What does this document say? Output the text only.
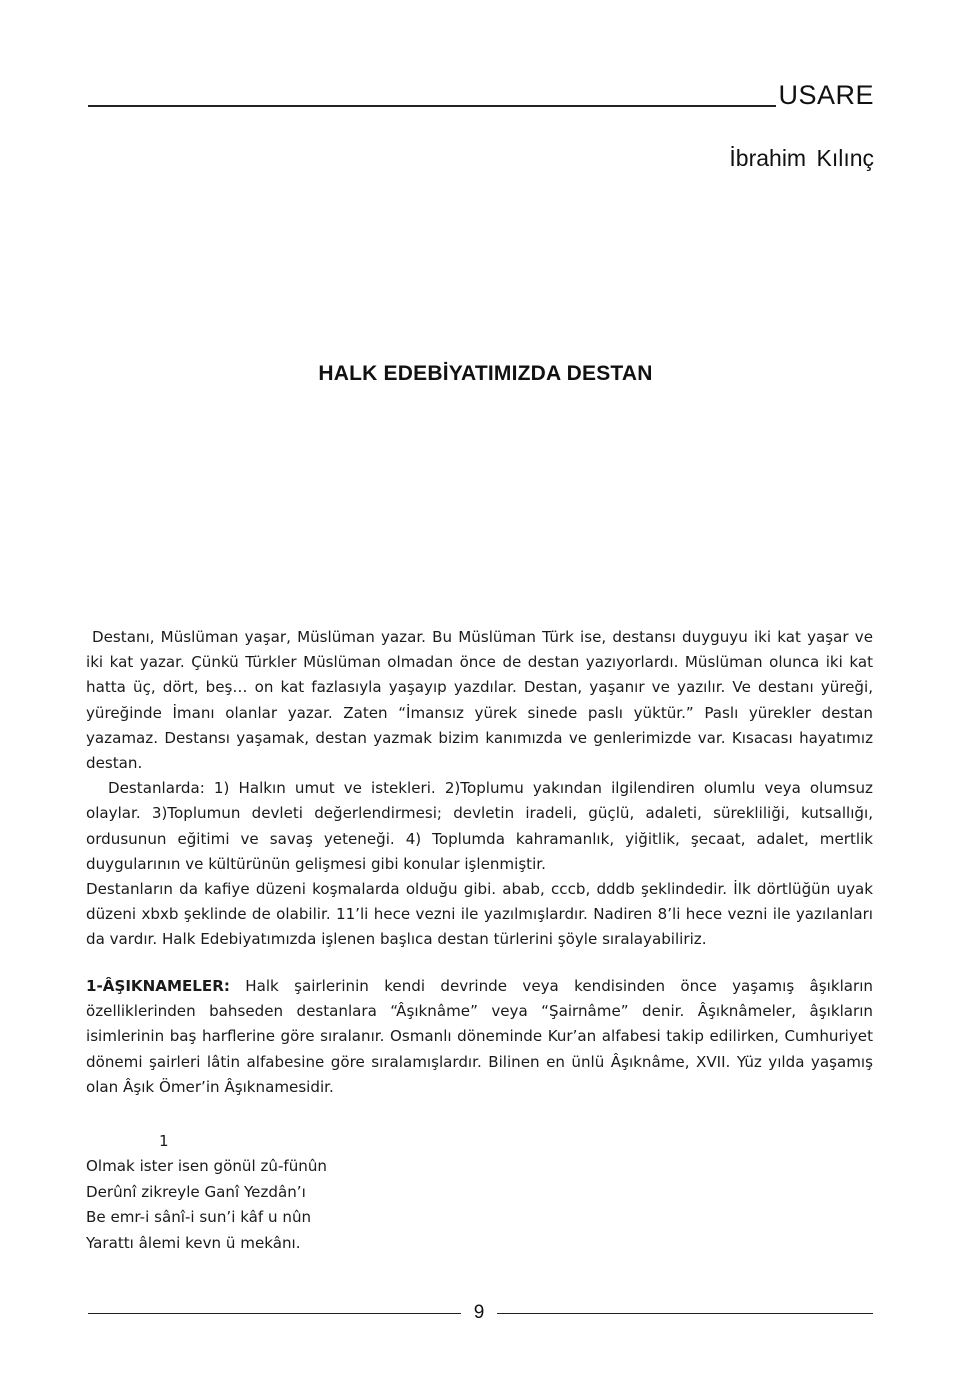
USARE
İbrahim Kılınç
HALK EDEBİYATIMIZDA DESTAN

Destanı, Müslüman yaşar, Müslüman yazar. Bu Müslüman Türk ise, destansı duyguyu iki kat yaşar ve iki kat yazar. Çünkü Türkler Müslüman olmadan önce de destan yazıyorlardı. Müslüman olunca iki kat hatta üç, dört, beş… on kat fazlasıyla yaşayıp yazdılar. Destan, yaşanır ve yazılır. Ve destanı yüreği, yüreğinde İmanı olanlar yazar. Zaten “İmansız yürek sinede paslı yüktür.” Paslı yürekler destan yazamaz. Destansı yaşamak, destan yazmak bizim kanımızda ve genlerimizde var. Kısacası hayatımız destan.

Destanlarda: 1) Halkın umut ve istekleri. 2)Toplumu yakından ilgilendiren olumlu veya olumsuz olaylar. 3)Toplumun devleti değerlendirmesi; devletin iradeli, güçlü, adaleti, sürekliliği, kutsallığı, ordusunun eğitimi ve savaş yeteneği. 4) Toplumda kahramanlık, yiğitlik, şecaat, adalet, mertlik duygularının ve kültürünün gelişmesi gibi konular işlenmiştir.

Destanların da kafiye düzeni koşmalarda olduğu gibi. abab, cccb, dddb şeklindedir. İlk dörtlüğün uyak düzeni xbxb şeklinde de olabilir. 11’li hece vezni ile yazılmışlardır. Nadiren 8’li hece vezni ile yazılanları da vardır. Halk Edebiyatımızda işlenen başlıca destan türlerini şöyle sıralayabiliriz.

1-ÂŞIKNAMELER: Halk şairlerinin kendi devrinde veya kendisinden önce yaşamış âşıkların özelliklerinden bahseden destanlara “Âşıknâme” veya “Şairnâme” denir. Âşıknâmeler, âşıkların isimlerinin baş harflerine göre sıralanır. Osmanlı döneminde Kur’an alfabesi takip edilirken, Cumhuriyet dönemi şairleri lâtin alfabesine göre sıralamışlardır. Bilinen en ünlü Âşıknâme, XVII. Yüz yılda yaşamış olan Âşık Ömer’in Âşıknamesidir.

1
Olmak ister isen gönül zû-fünûn
Derûnî zikreyle Ganî Yezdân’ı
Be emr-i sânî-i sun’i kâf u nûn
Yarattı âlemi kevn ü mekânı.
9
